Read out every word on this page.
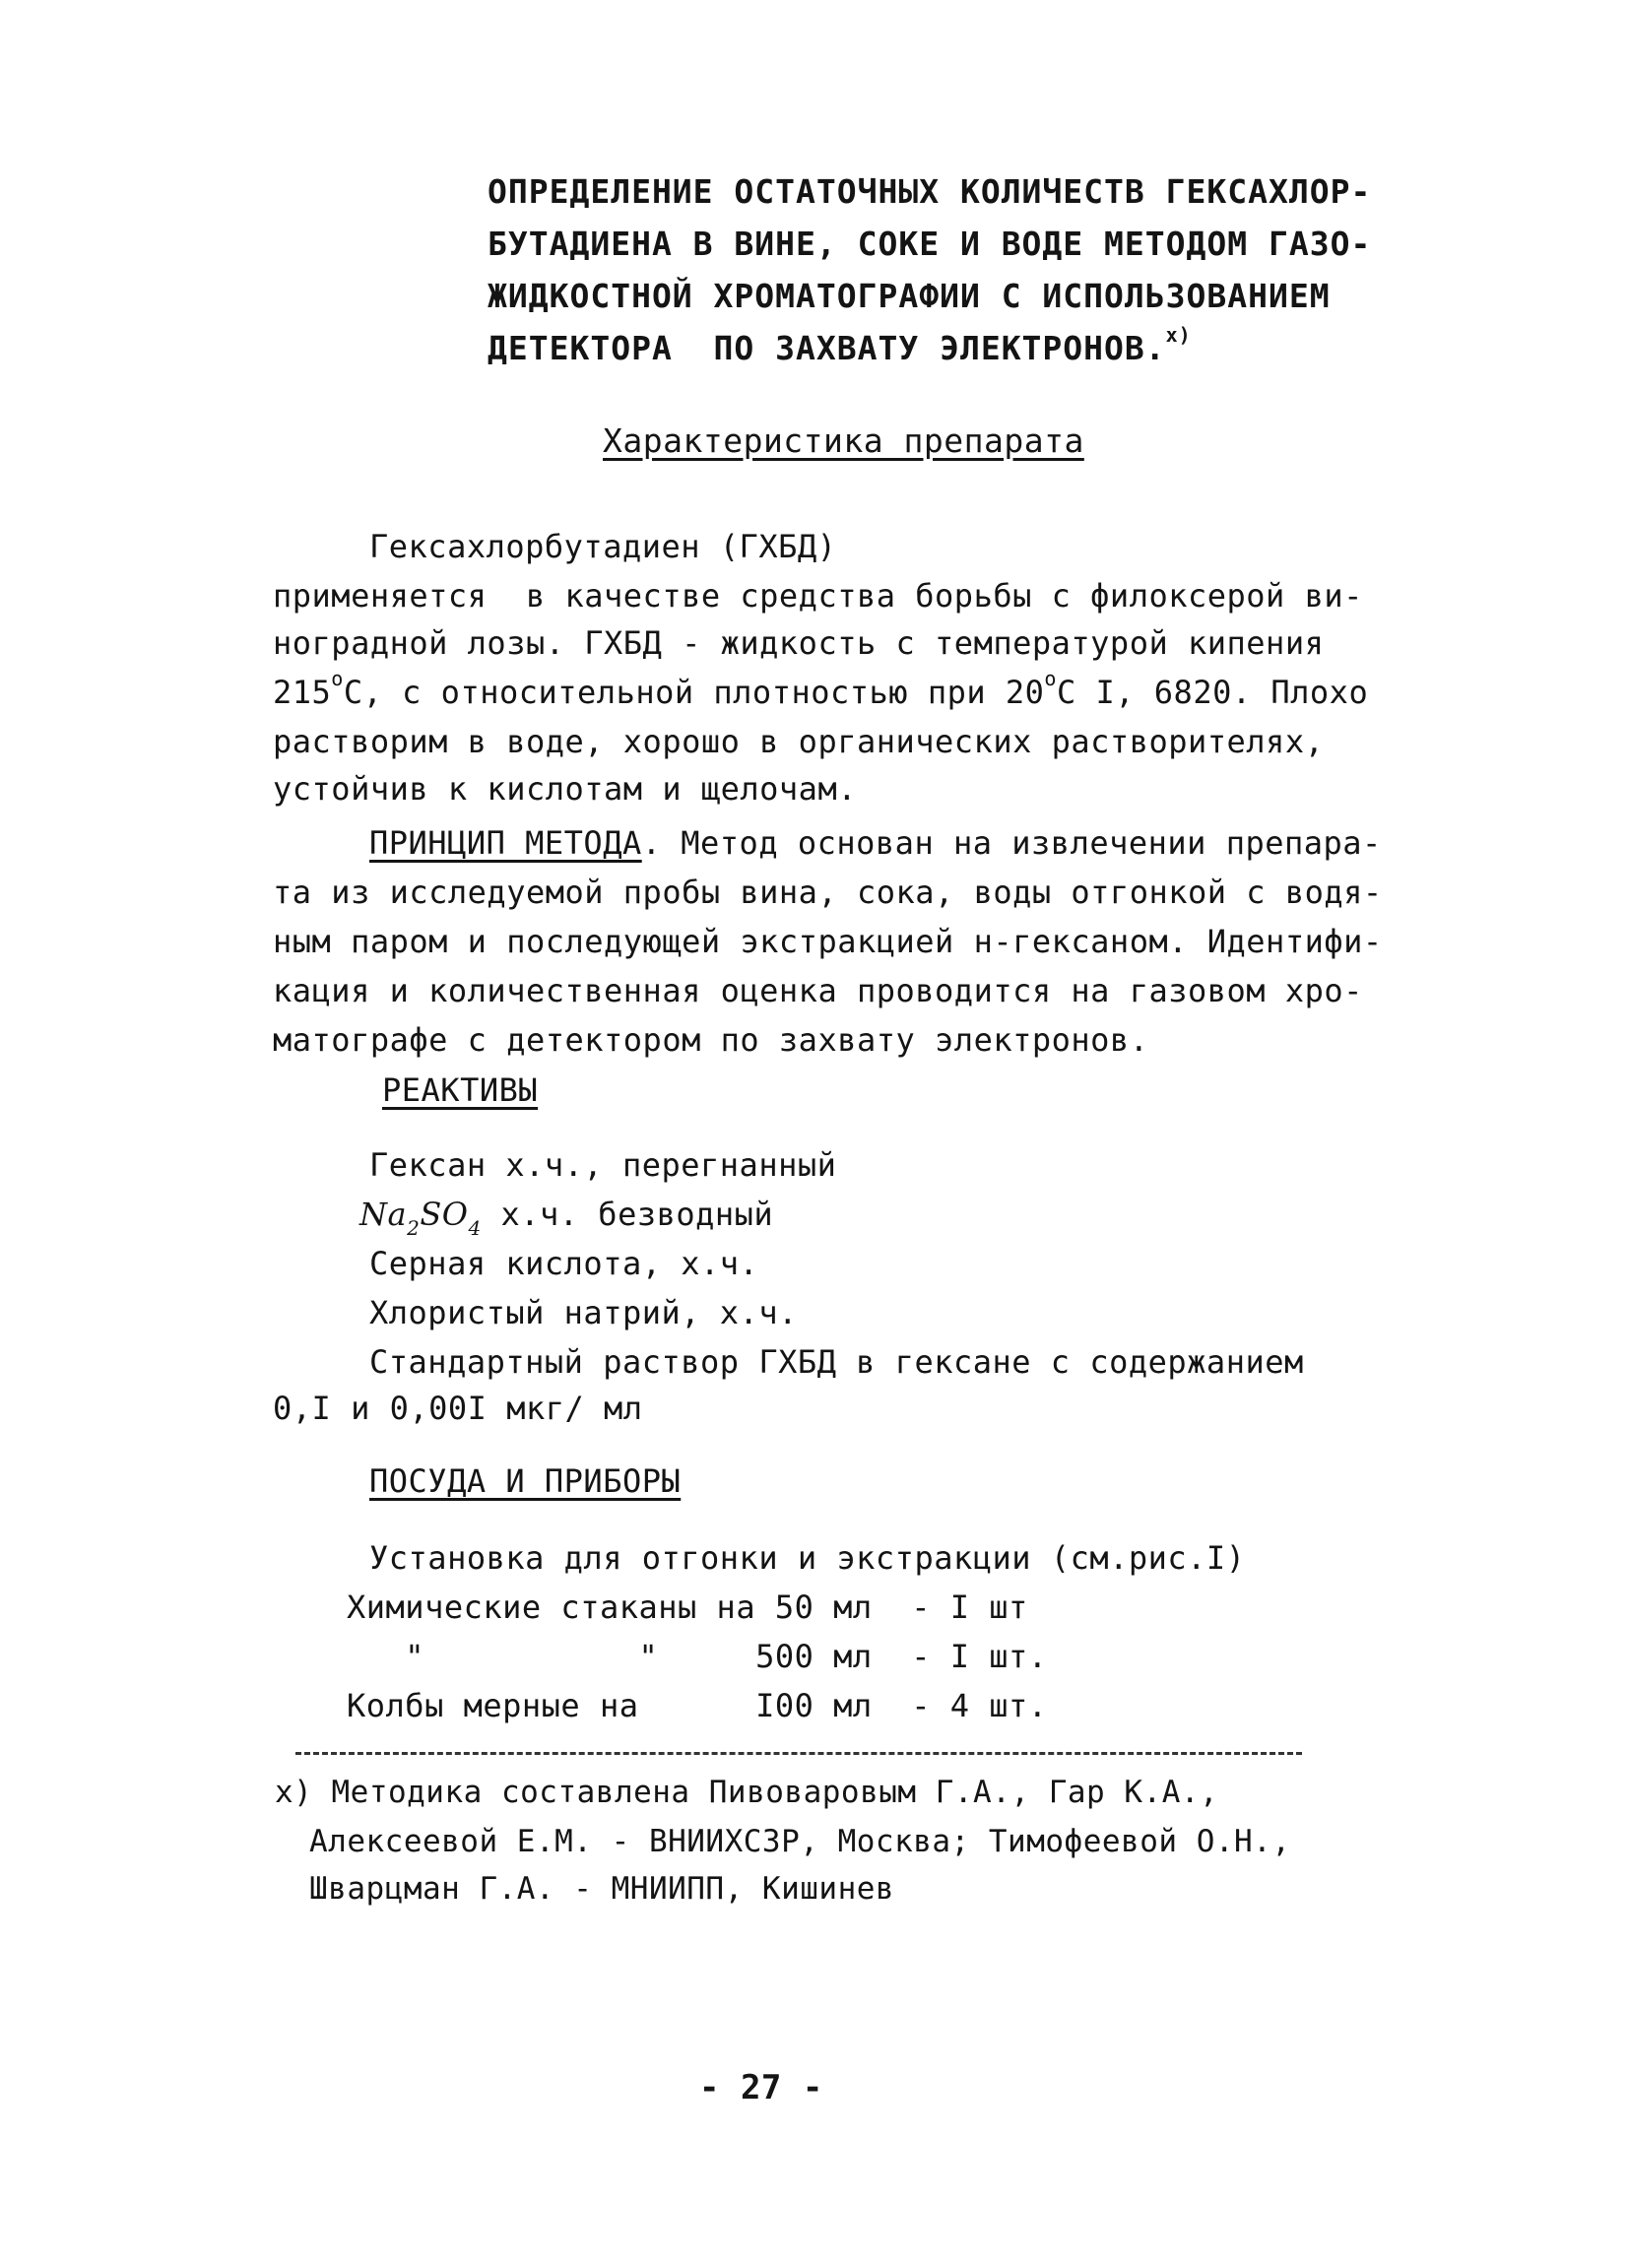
ОПРЕДЕЛЕНИЕ ОСТАТОЧНЫХ КОЛИЧЕСТВ ГЕКСАХЛОР-
БУТАДИЕНА В ВИНЕ, СОКЕ И ВОДЕ МЕТОДОМ ГАЗО-
ЖИДКОСТНОЙ ХРОМАТОГРАФИИ С ИСПОЛЬЗОВАНИЕМ
ДЕТЕКТОРА  ПО ЗАХВАТУ ЭЛЕКТРОНОВ.$^{х)}$
Характеристика препарата
Гексахлорбутадиен (ГХБД)
применяется  в качестве средства борьбы с филоксерой ви-
ноградной лозы. ГХБД - жидкость с температурой кипения
$215^оС$, с относительной плотностью при $20^оС$ I, 6820. Плохо
растворим в воде, хорошо в органических растворителях,
устойчив к кислотам и щелочам.
ПРИНЦИП МЕТОДА. Метод основан на извлечении препара-
та из исследуемой пробы вина, сока, воды отгонкой с водя-
ным паром и последующей экстракцией н-гексаном. Идентифи-
кация и количественная оценка проводится на газовом хро-
матографе с детектором по захвату электронов.
РЕАКТИВЫ
Гексан х.ч., перегнанный
$Na_2SO_4$ х.ч. безводный
Серная кислота, х.ч.
Хлористый натрий, х.ч.
Стандартный раствор ГХБД в гексане с содержанием
0,I и 0,00I мкг/ мл
ПОСУДА И ПРИБОРЫ
Установка для отгонки и экстракции (см.рис.I)
Химические стаканы на 50 мл  - I шт
"           "     500 мл  - I шт.
Колбы мерные на      I00 мл  - 4 шт.
х) Методика составлена Пивоваровым Г.А., Гар К.А.,
Алексеевой Е.М. - ВНИИХСЗР, Москва; Тимофеевой О.Н.,
Шварцман Г.А. - МНИИПП, Кишинев
- 27 -
